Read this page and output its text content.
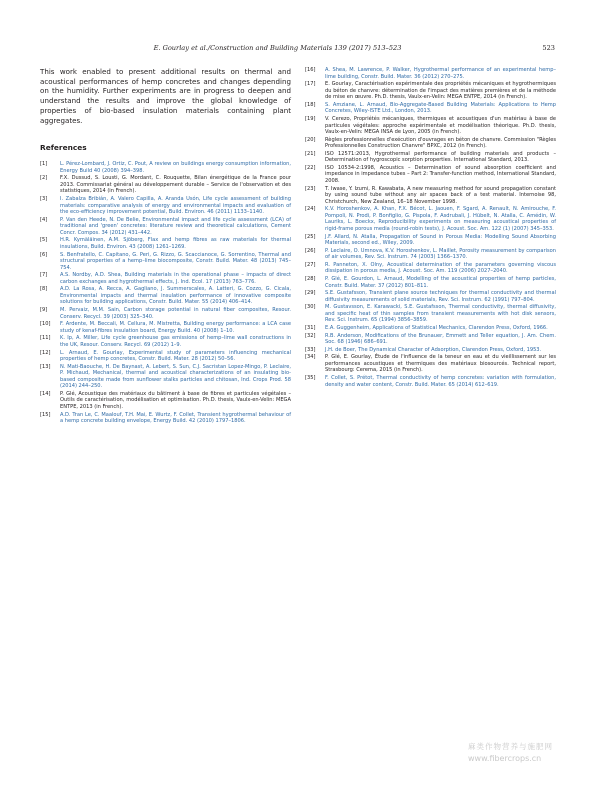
E. Gourlay et al./Construction and Building Materials 139 (2017) 513–523	523

This work enabled to present additional results on thermal and acoustical performances of hemp concretes and changes depending on the humidity. Further experiments are in progress to deepen and understand the results and improve the global knowledge of properties of bio-based insulation materials containing plant aggregates.

References
[1]	L. Pérez-Lombard, J. Ortiz, C. Pout, A review on buildings energy consumption information, Energy Build 40 (2008) 394–398.
[2]	F.X. Dussud, S. Lousti, G. Mordant, C. Rouquette, Bilan énergétique de la France pour 2013. Commissariat général au développement durable – Service de l'observation et des statistiques, 2014 (in French).
[3]	I. Zabalza Bribián, A. Valero Capilla, A. Aranda Usón, Life cycle assessment of building materials: comparative analysis of energy and environmental impacts and evaluation of the eco-efficiency improvement potential, Build. Environ. 46 (2011) 1133–1140.
[4]	P. Van den Heede, N. De Belie, Environmental impact and life cycle assessment (LCA) of traditional and 'green' concretes: literature review and theoretical calculations, Cement Concr. Compos. 34 (2012) 431–442.
[5]	H.R. Kymäläinen, A.M. Sjöberg, Flax and hemp fibres as raw materials for thermal insulations, Build. Environ. 43 (2008) 1261–1269.
[6]	S. Benfratello, C. Capitano, G. Peri, G. Rizzo, G. Scaccianoce, G. Sorrentino, Thermal and structural properties of a hemp–lime biocomposite, Constr. Build. Mater. 48 (2013) 745–754.
[7]	A.S. Nordby, A.D. Shea, Building materials in the operational phase – impacts of direct carbon exchanges and hygrothermal effects, J. Ind. Ecol. 17 (2013) 763–776.
[8]	A.D. La Rosa, A. Recca, A. Gagliano, J. Summerscales, A. Latteri, G. Cozzo, G. Cicala, Environmental impacts and thermal insulation performance of innovative composite solutions for building applications, Constr. Build. Mater. 55 (2014) 406–414.
[9]	M. Pervaiz, M.M. Sain, Carbon storage potential in natural fiber composites, Resour. Conserv. Recycl. 39 (2003) 325–340.
[10] F. Ardente, M. Beccali, M. Cellura, M. Mistretta, Building energy performance: a LCA case study of kenaf-fibres insulation board, Energy Build. 40 (2008) 1–10.
[11] K. Ip, A. Miller, Life cycle greenhouse gas emissions of hemp–lime wall constructions in the UK, Resour. Conserv. Recycl. 69 (2012) 1–9.
[12] L. Arnaud, E. Gourlay, Experimental study of parameters influencing mechanical properties of hemp concretes, Constr. Build. Mater. 28 (2012) 50–56.
[13] N. Mati-Baouche, H. De Baynast, A. Lebert, S. Sun, C.J. Sacristan Lopez-Mingo, P. Leclaire, P. Michaud, Mechanical, thermal and acoustical characterizations of an insulating bio-based composite made from sunflower stalks particles and chitosan, Ind. Crops Prod. 58 (2014) 244–250.
[14] P. Glé, Acoustique des matériaux du bâtiment à base de fibres et particules végétales – Outils de caractérisation, modélisation et optimisation. Ph.D. thesis, Vaulx-en-Velin: MEGA ENTPE, 2013 (in French).
[15] A.D. Tran Le, C. Maalouf, T.H. Mai, E. Wurtz, F. Collet, Transient hygrothermal behaviour of a hemp concrete building envelope, Energy Build. 42 (2010) 1797–1806.
[16] A. Shea, M. Lawrence, P. Walker, Hygrothermal performance of an experimental hemp–lime building, Constr. Build. Mater. 36 (2012) 270–275.
[17] E. Gourlay, Caractérisation expérimentale des propriétés mécaniques et hygrothermiques du béton de chanvre: détermination de l'impact des matières premières et de la méthode de mise en œuvre. Ph.D. thesis, Vaulx-en-Velin: MEGA ENTPE, 2014 (in French).
[18] S. Amziane, L. Arnaud, Bio-Aggregate-Based Building Materials: Applications to Hemp Concretes, Wiley-ISTE Ltd., London, 2013.
[19] V. Cerezo, Propriétés mécaniques, thermiques et acoustiques d'un matériau à base de particules végétales: approche expérimentale et modélisation théorique. Ph.D. thesis, Vaulx-en-Velin: MEGA INSA de Lyon, 2005 (in French).
[20] Règles professionnelles d'exécution d'ouvrages en béton de chanvre. Commission "Règles Professionnelles Construction Chanvre" BPXC, 2012 (in French).
[21] ISO 12571:2013, Hygrothermal performance of building materials and products – Determination of hygroscopic sorption properties. International Standard, 2013.
[22] ISO 10534-2:1998, Acoustics – Determination of sound absorption coefficient and impedance in impedance tubes – Part 2: Transfer-function method, International Standard, 2008.
[23] T. Iwase, Y. Izumi, R. Kawabata, A new measuring method for sound propagation constant by using sound tube without any air spaces back of a test material. Internoise 98, Christchurch, New Zealand, 16–18 November 1998.
[24] K.V. Horoshenkov, A. Khan, F.X. Bécot, L. Jaouen, F. Sgard, A. Renault, N. Amirouche, F. Pompoli, N. Prodi, P. Bonfiglio, G. Pispola, F. Asdrubali, J. Hübelt, N. Atalla, C. Amédin, W. Lauriks, L. Boeckx, Reproducibility experiments on measuring acoustical properties of rigid-frame porous media (round-robin tests), J. Acoust. Soc. Am. 122 (1) (2007) 345–353.
[25] J.F. Allard, N. Atalla, Propagation of Sound in Porous Media: Modelling Sound Absorbing Materials, second ed., Wiley, 2009.
[26] P. Leclaire, O. Umnova, K.V. Horoshenkov, L. Maillet, Porosity measurement by comparison of air volumes, Rev. Sci. Instrum. 74 (2003) 1366–1370.
[27] R. Panneton, X. Olny, Acoustical determination of the parameters governing viscous dissipation in porous media, J. Acoust. Soc. Am. 119 (2006) 2027–2040.
[28] P. Glé, E. Gourdon, L. Arnaud, Modelling of the acoustical properties of hemp particles, Constr. Build. Mater. 37 (2012) 801–811.
[29] S.E. Gustafsson, Transient plane source techniques for thermal conductivity and thermal diffusivity measurements of solid materials, Rev. Sci. Instrum. 62 (1991) 797–804.
[30] M. Gustavsson, E. Karawacki, S.E. Gustafsson, Thermal conductivity, thermal diffusivity, and specific heat of thin samples from transient measurements with hot disk sensors, Rev. Sci. Instrum. 65 (1994) 3856–3859.
[31] E.A. Guggenheim, Applications of Statistical Mechanics, Clarendon Press, Oxford, 1966.
[32] R.B. Anderson, Modifications of the Brunauer, Emmett and Teller equation, J. Am. Chem. Soc. 68 (1946) 686–691.
[33] J.H. de Boer, The Dynamical Character of Adsorption, Clarendon Press, Oxford, 1953.
[34] P. Glé, E. Gourlay, Étude de l'influence de la teneur en eau et du vieillissement sur les performances acoustiques et thermiques des matériaux biosourcés. Technical report, Strasbourg: Cerema, 2015 (in French).
[35] F. Collet, S. Prétot, Thermal conductivity of hemp concretes: variation with formulation, density and water content, Constr. Build. Mater. 65 (2014) 612–619.
麻类作物营养与施肥网
www.fibercrops.cn
